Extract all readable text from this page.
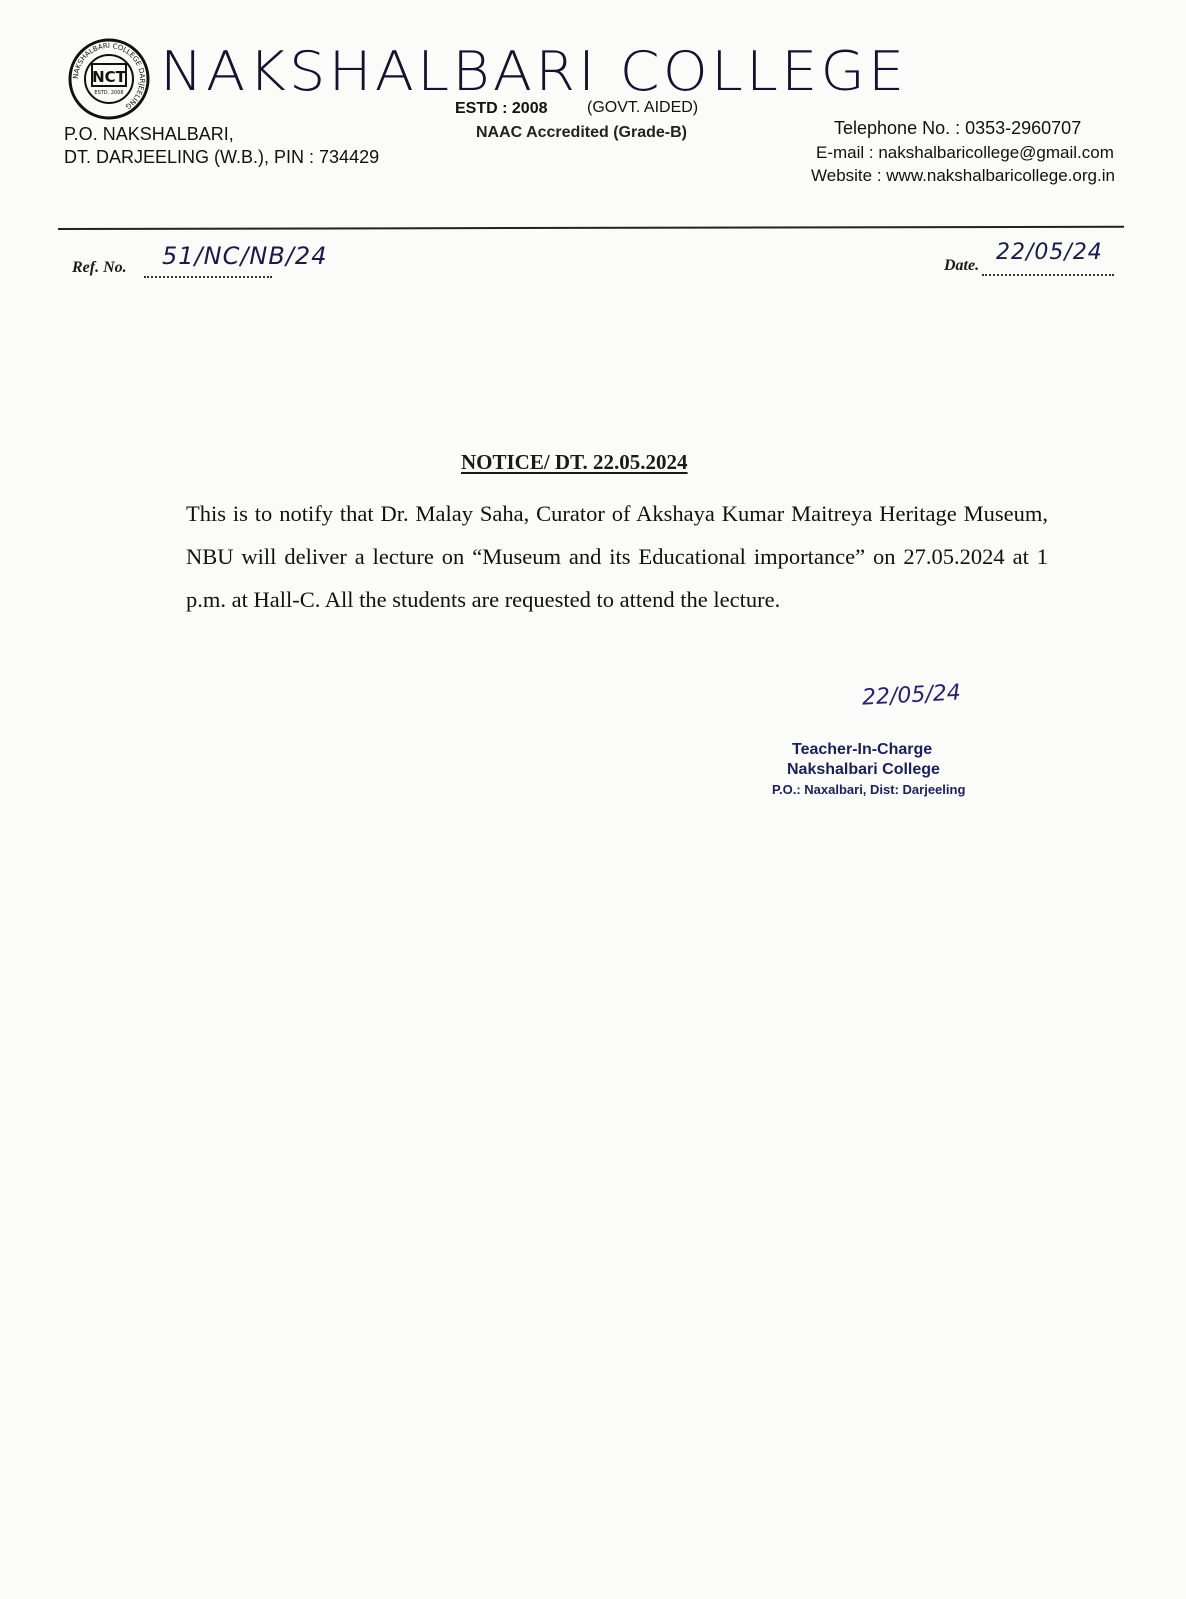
NAKSHALBARI COLLEGE DARJEELING
NCT
ESTD. 2008 NAKSHALBARI COLLEGE
ESTD : 2008 (GOVT. AIDED)
NAAC Accredited (Grade-B)
P.O. NAKSHALBARI,
DT. DARJEELING (W.B.), PIN : 734429
Telephone No. : 0353-2960707
E-mail : nakshalbaricollege@gmail.com
Website : www.nakshalbaricollege.org.in
Ref. No. 51/NC/NB/24	Date.
22/05/24
NOTICE/ DT. 22.05.2024
This is to notify that Dr. Malay Saha, Curator of Akshaya Kumar Maitreya Heritage Museum, NBU will deliver a lecture on “Museum and its Educational importance” on 27.05.2024 at 1 p.m. at Hall-C. All the students are requested to attend the lecture.
22/05/24
Teacher-In-Charge
Nakshalbari College
P.O.: Naxalbari, Dist: Darjeeling
